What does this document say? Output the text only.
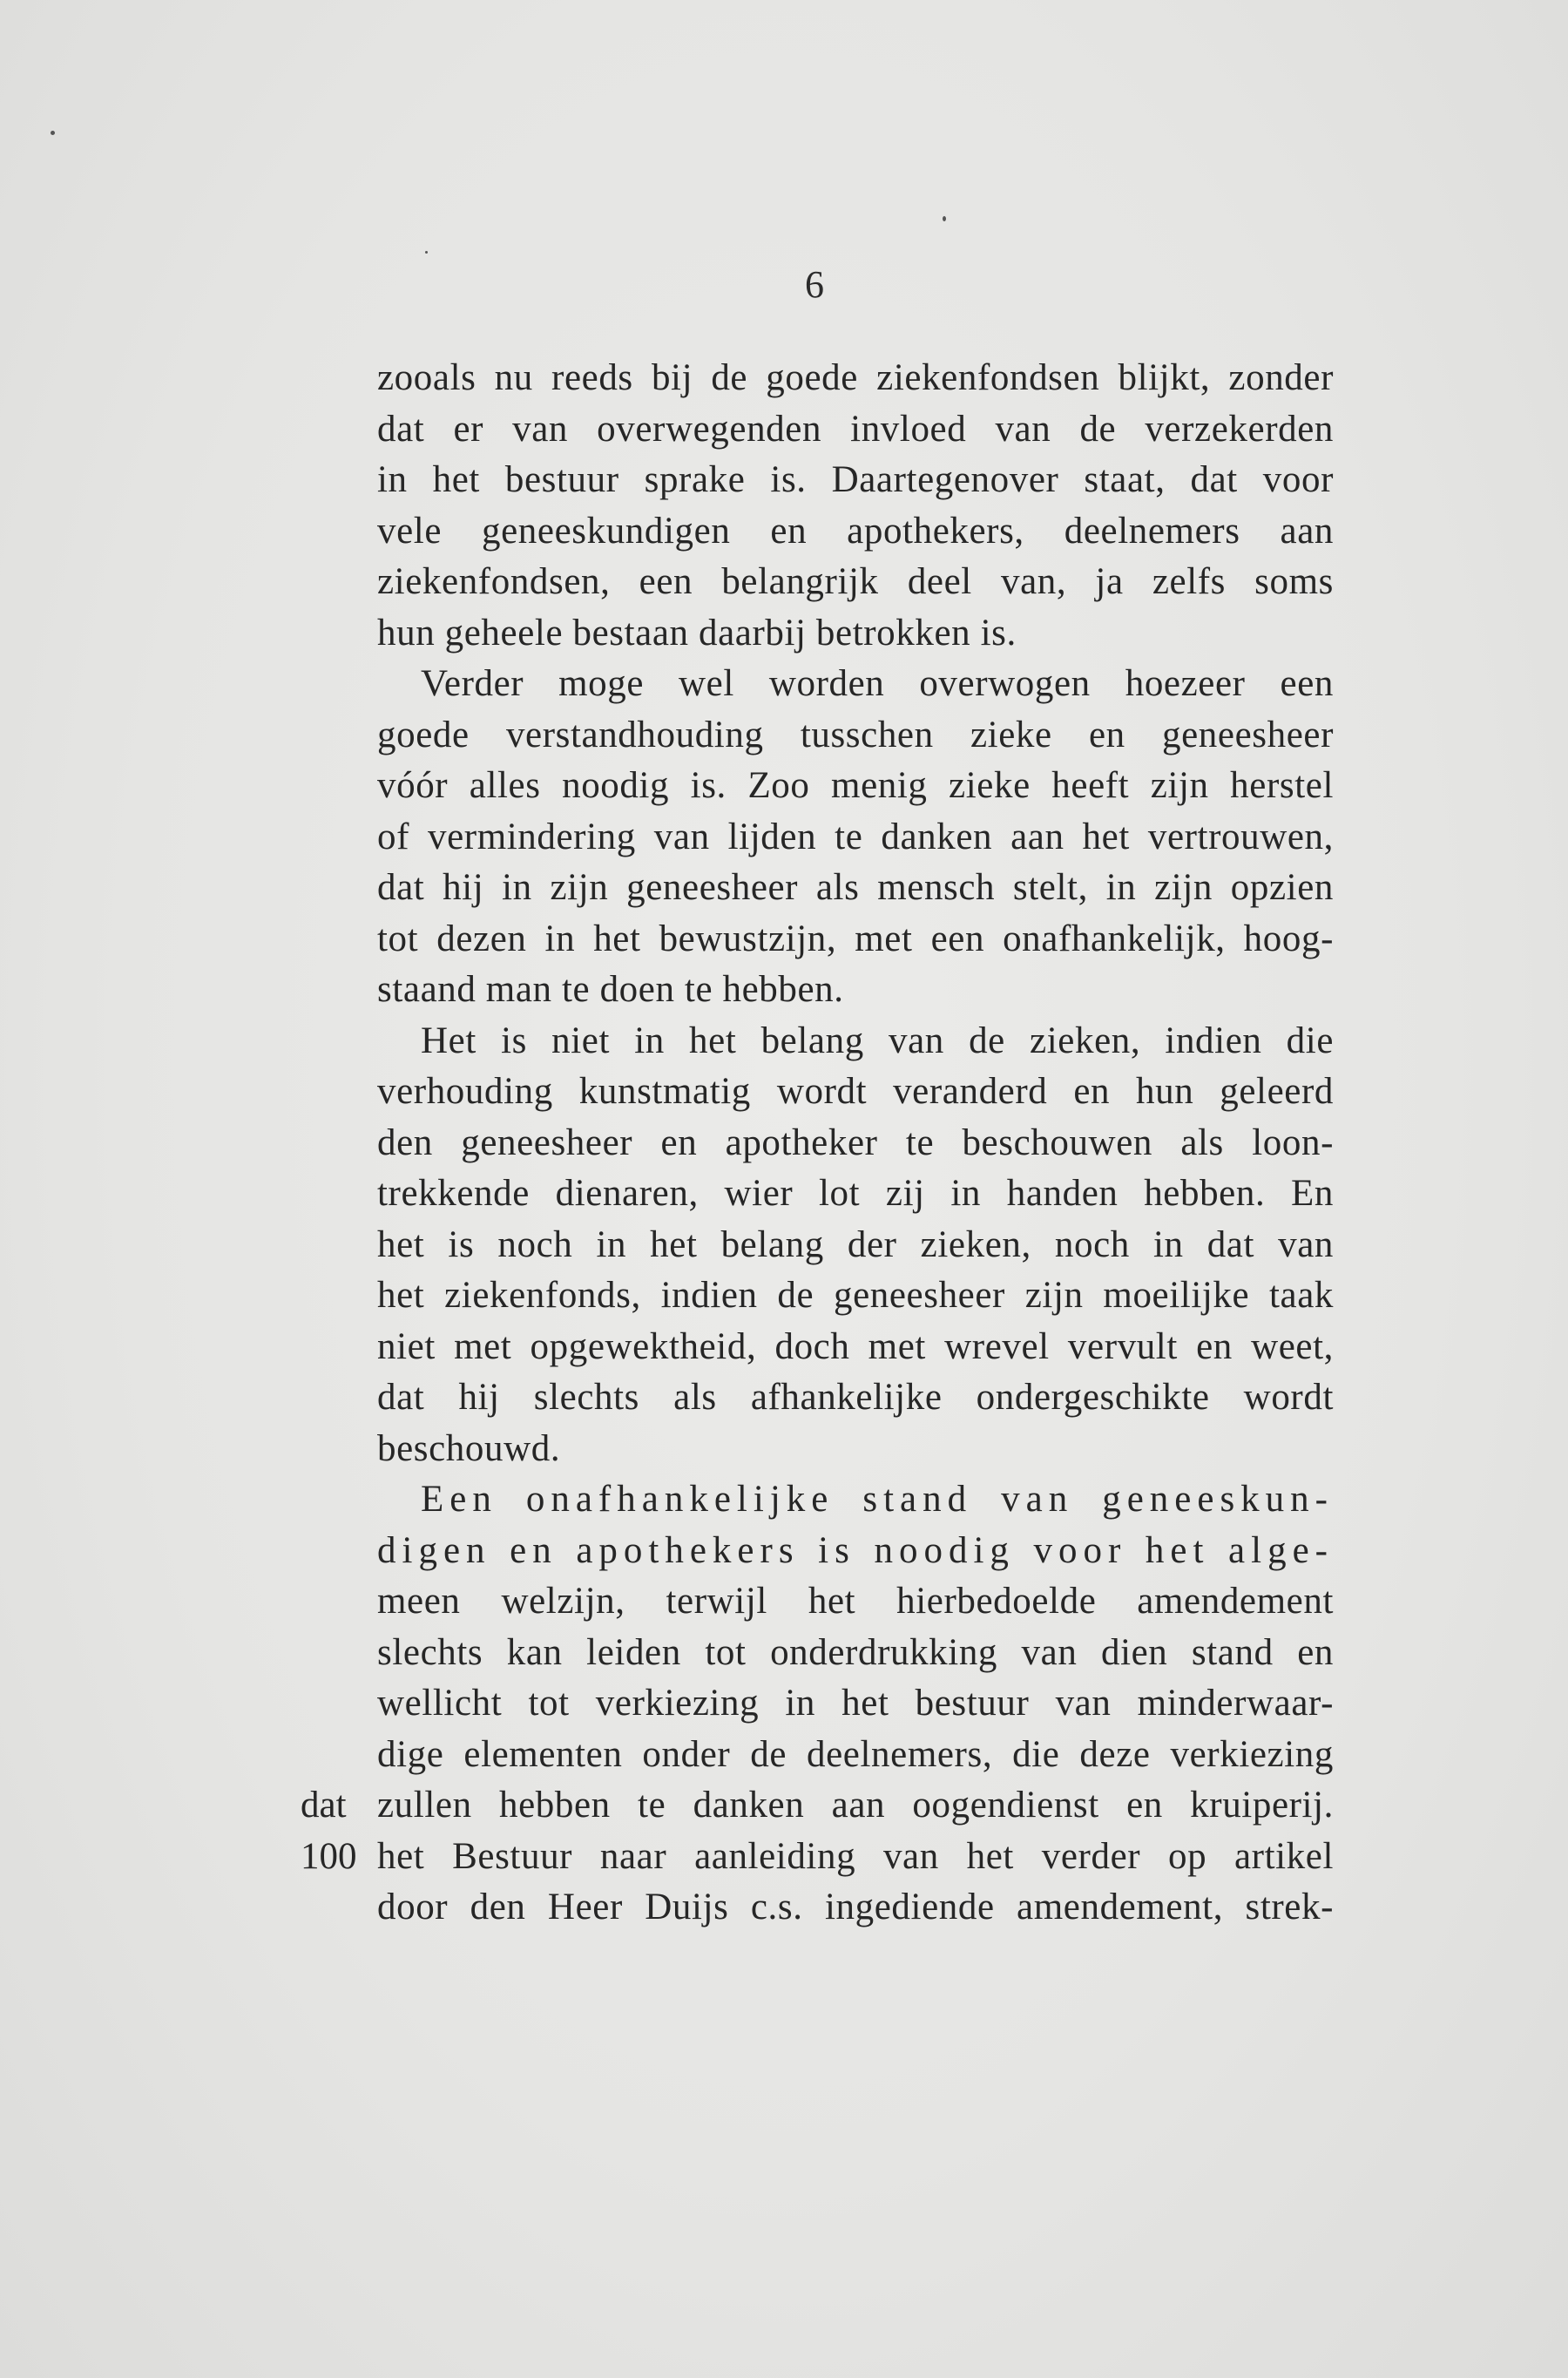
6
zooals nu reeds bij de goede ziekenfondsen blijkt, zonder
dat er van overwegenden invloed van de verzekerden
in het bestuur sprake is. Daartegenover staat, dat voor
vele geneeskundigen en apothekers, deelnemers aan
ziekenfondsen, een belangrijk deel van, ja zelfs soms
hun geheele bestaan daarbij betrokken is.
Verder moge wel worden overwogen hoezeer een
goede verstandhouding tusschen zieke en geneesheer
vóór alles noodig is. Zoo menig zieke heeft zijn herstel
of vermindering van lijden te danken aan het vertrouwen,
dat hij in zijn geneesheer als mensch stelt, in zijn opzien
tot dezen in het bewustzijn, met een onafhankelijk, hoog-
staand man te doen te hebben.
Het is niet in het belang van de zieken, indien die
verhouding kunstmatig wordt veranderd en hun geleerd
den geneesheer en apotheker te beschouwen als loon-
trekkende dienaren, wier lot zij in handen hebben. En
het is noch in het belang der zieken, noch in dat van
het ziekenfonds, indien de geneesheer zijn moeilijke taak
niet met opgewektheid, doch met wrevel vervult en weet,
dat hij slechts als afhankelijke ondergeschikte wordt
beschouwd.
Een onafhankelijke stand van geneeskun-
digen en apothekers is noodig voor het alge-
meen welzijn, terwijl het hierbedoelde amendement
slechts kan leiden tot onderdrukking van dien stand en
wellicht tot verkiezing in het bestuur van minderwaar-
dige elementen onder de deelnemers, die deze verkiezing
zullen hebben te danken aan oogendienst en kruiperij.
het Bestuur naar aanleiding van het verder op artikel
door den Heer Duijs c.s. ingediende amendement, strek-
dat
100
